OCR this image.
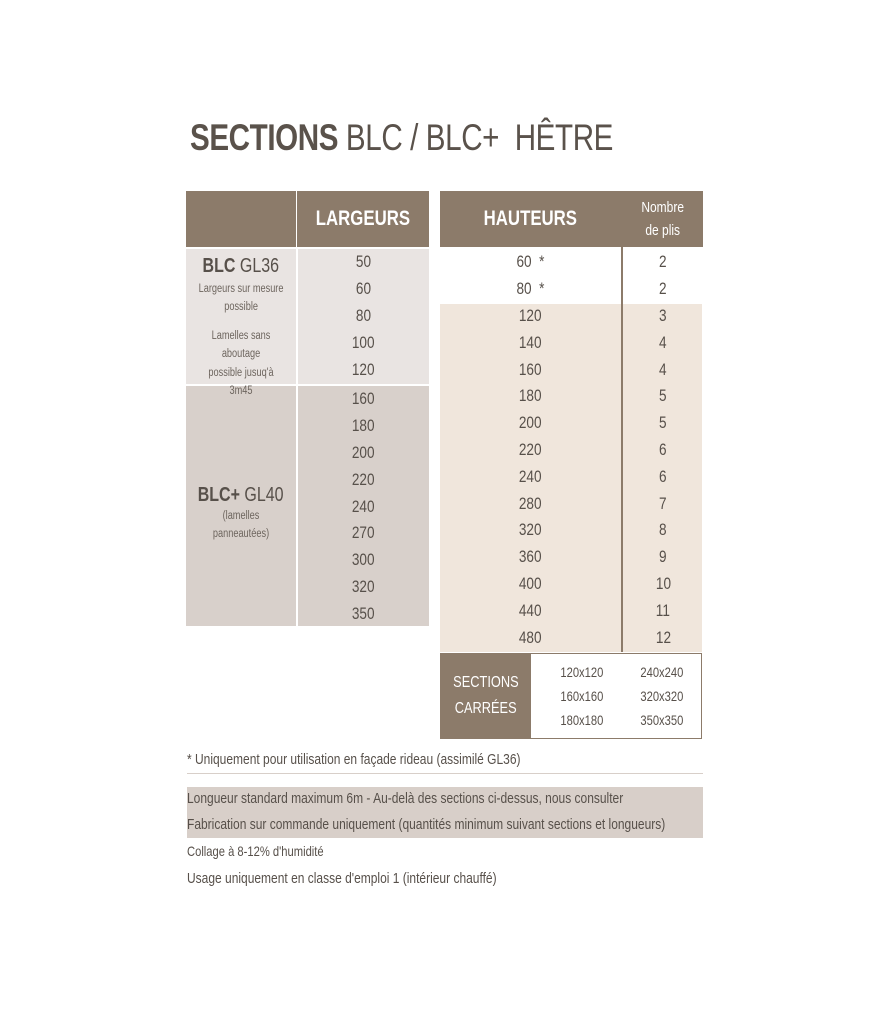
SECTIONS BLC / BLC+  HÊTRE
LARGEURS	HAUTEURS	Nombre
de plis
BLC GL36
Largeurs sur mesure
possible
Lamelles sans aboutage
possible jusuq'à 3m45
50
60
80
100
120
BLC+ GL40
(lamelles panneautées)
160
180
200
220
240
270
300
320
350
60  *
80  *
120
140
160
180
200
220
240
280
320
360
400
440
480
2
2
3
4
4
5
5
6
6
7
8
9
10
11
12
SECTIONS
CARRÉES
120x120
160x160
180x180
240x240
320x320
350x350
* Uniquement pour utilisation en façade rideau (assimilé GL36)
Longueur standard maximum 6m - Au-delà des sections ci-dessus, nous consulter
Fabrication sur commande uniquement (quantités minimum suivant sections et longueurs)
Collage à 8-12% d'humidité
Usage uniquement en classe d'emploi 1 (intérieur chauffé)
